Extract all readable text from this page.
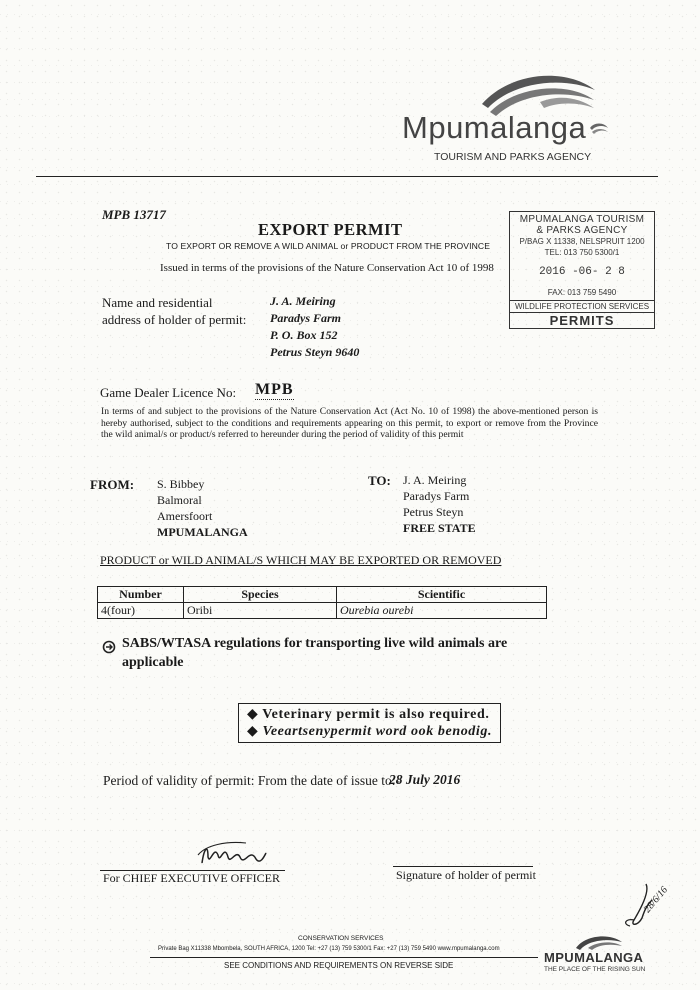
Mpumalanga
TOURISM AND PARKS AGENCY
MPB 13717
EXPORT PERMIT
TO EXPORT OR REMOVE A WILD ANIMAL or PRODUCT FROM THE PROVINCE
Issued in terms of the provisions of the Nature Conservation Act 10 of 1998
MPUMALANGA TOURISM
& PARKS AGENCY
P/BAG X 11338, NELSPRUIT 1200
TEL: 013 750 5300/1
2016 -06- 2 8
FAX: 013 759 5490
WILDLIFE PROTECTION SERVICES
PERMITS
Name and residential
address of holder of permit:
J. A. Meiring
Paradys Farm
P. O. Box 152
Petrus Steyn 9640
Game Dealer Licence No: MPB
In terms of and subject to the provisions of the Nature Conservation Act (Act No. 10 of 1998) the above-mentioned person is hereby authorised, subject to the conditions and requirements appearing on this permit, to export or remove from the Province the wild animal/s or product/s referred to hereunder during the period of validity of this permit
FROM: S. Bibbey
Balmoral
Amersfoort
MPUMALANGA
TO: J. A. Meiring
Paradys Farm
Petrus Steyn
FREE STATE
PRODUCT or WILD ANIMAL/S WHICH MAY BE EXPORTED OR REMOVED
Number	Species	Scientific
4(four)	Oribi	Ourebia ourebi
SABS/WTASA regulations for transporting live wild animals are
applicable
◆ Veterinary permit is also required.
◆ Veeartsenypermit word ook benodig.
Period of validity of permit: From the date of issue to:-
28 July 2016
For CHIEF EXECUTIVE OFFICER	Signature of holder of permit
28/6/16
CONSERVATION SERVICES
Private Bag X11338 Mbombela, SOUTH AFRICA, 1200 Tel: +27 (13) 759 5300/1 Fax: +27 (13) 759 5490 www.mpumalanga.com
SEE CONDITIONS AND REQUIREMENTS ON REVERSE SIDE
MPUMALANGA
THE PLACE OF THE RISING SUN
